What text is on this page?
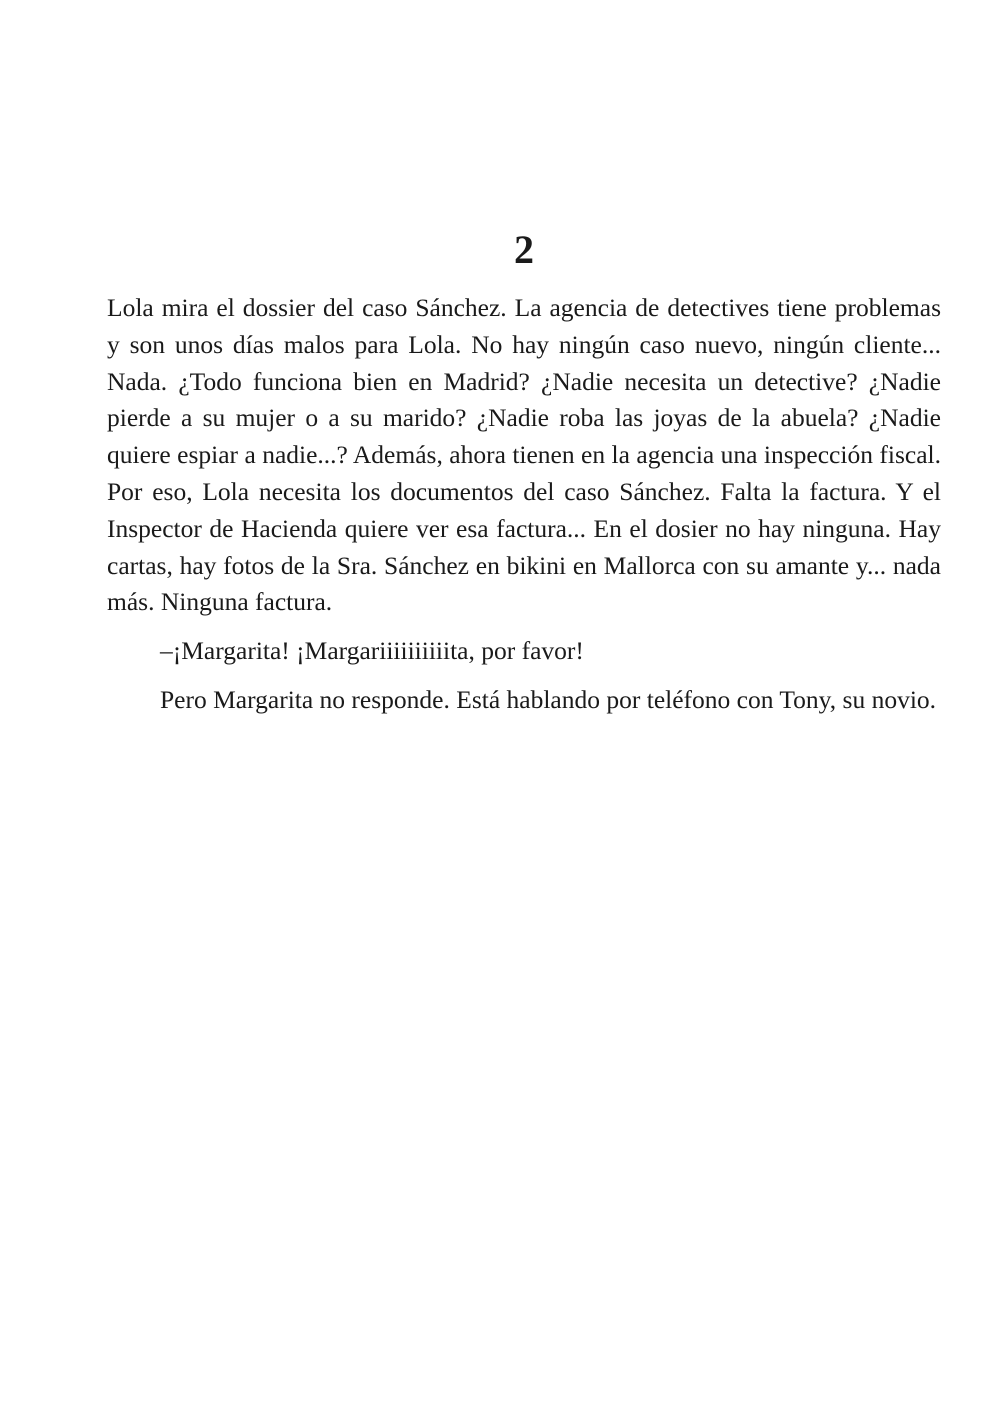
2

Lola mira el dossier del caso Sánchez. La agencia de detectives tiene problemas y son unos días malos para Lola. No hay ningún caso nuevo, ningún cliente... Nada. ¿Todo funciona bien en Madrid? ¿Nadie necesita un detective? ¿Nadie pierde a su mujer o a su marido? ¿Nadie roba las joyas de la abuela? ¿Nadie quiere espiar a nadie...? Además, ahora tienen en la agencia una inspección fiscal. Por eso, Lola necesita los documentos del caso Sánchez. Falta la factura. Y el Inspector de Hacienda quiere ver esa factura... En el dosier no hay ninguna. Hay cartas, hay fotos de la Sra. Sánchez en bikini en Mallorca con su amante y... nada más. Ninguna factura.

–¡Margarita! ¡Margariiiiiiiiiita, por favor!

Pero Margarita no responde. Está hablando por teléfono con Tony, su novio.
